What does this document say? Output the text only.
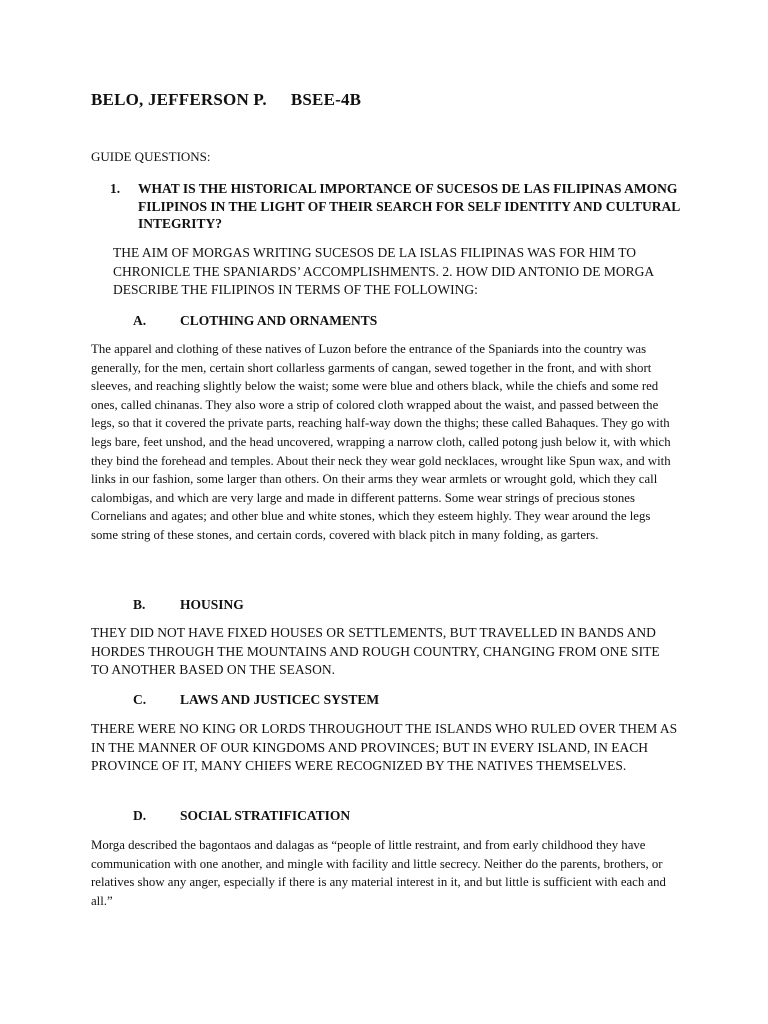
BELO, JEFFERSON P. BSEE-4B
GUIDE QUESTIONS:
1.	WHAT IS THE HISTORICAL IMPORTANCE OF SUCESOS DE LAS FILIPINAS AMONG FILIPINOS IN THE LIGHT OF THEIR SEARCH FOR SELF IDENTITY AND CULTURAL INTEGRITY?
THE AIM OF MORGAS WRITING SUCESOS DE LA ISLAS FILIPINAS WAS FOR HIM TO CHRONICLE THE SPANIARDS’ ACCOMPLISHMENTS. 2. HOW DID ANTONIO DE MORGA DESCRIBE THE FILIPINOS IN TERMS OF THE FOLLOWING:
A.	CLOTHING AND ORNAMENTS
The apparel and clothing of these natives of Luzon before the entrance of the Spaniards into the country was generally, for the men, certain short collarless garments of cangan, sewed together in the front, and with short sleeves, and reaching slightly below the waist; some were blue and others black, while the chiefs and some red ones, called chinanas. They also wore a strip of colored cloth wrapped about the waist, and passed between the legs, so that it covered the private parts, reaching half-way down the thighs; these called Bahaques. They go with legs bare, feet unshod, and the head uncovered, wrapping a narrow cloth, called potong jush below it, with which they bind the forehead and temples. About their neck they wear gold necklaces, wrought like Spun wax, and with links in our fashion, some larger than others. On their arms they wear armlets or wrought gold, which they call calombigas, and which are very large and made in different patterns. Some wear strings of precious stones Cornelians and agates; and other blue and white stones, which they esteem highly. They wear around the legs some string of these stones, and certain cords, covered with black pitch in many folding, as garters.
B.	HOUSING
THEY DID NOT HAVE FIXED HOUSES OR SETTLEMENTS, BUT TRAVELLED IN BANDS AND HORDES THROUGH THE MOUNTAINS AND ROUGH COUNTRY, CHANGING FROM ONE SITE TO ANOTHER BASED ON THE SEASON.
C.	LAWS AND JUSTICEC SYSTEM
THERE WERE NO KING OR LORDS THROUGHOUT THE ISLANDS WHO RULED OVER THEM AS IN THE MANNER OF OUR KINGDOMS AND PROVINCES; BUT IN EVERY ISLAND, IN EACH PROVINCE OF IT, MANY CHIEFS WERE RECOGNIZED BY THE NATIVES THEMSELVES.
D.	SOCIAL STRATIFICATION
Morga described the bagontaos and dalagas as “people of little restraint, and from early childhood they have communication with one another, and mingle with facility and little secrecy. Neither do the parents, brothers, or relatives show any anger, especially if there is any material interest in it, and but little is sufficient with each and all.”
